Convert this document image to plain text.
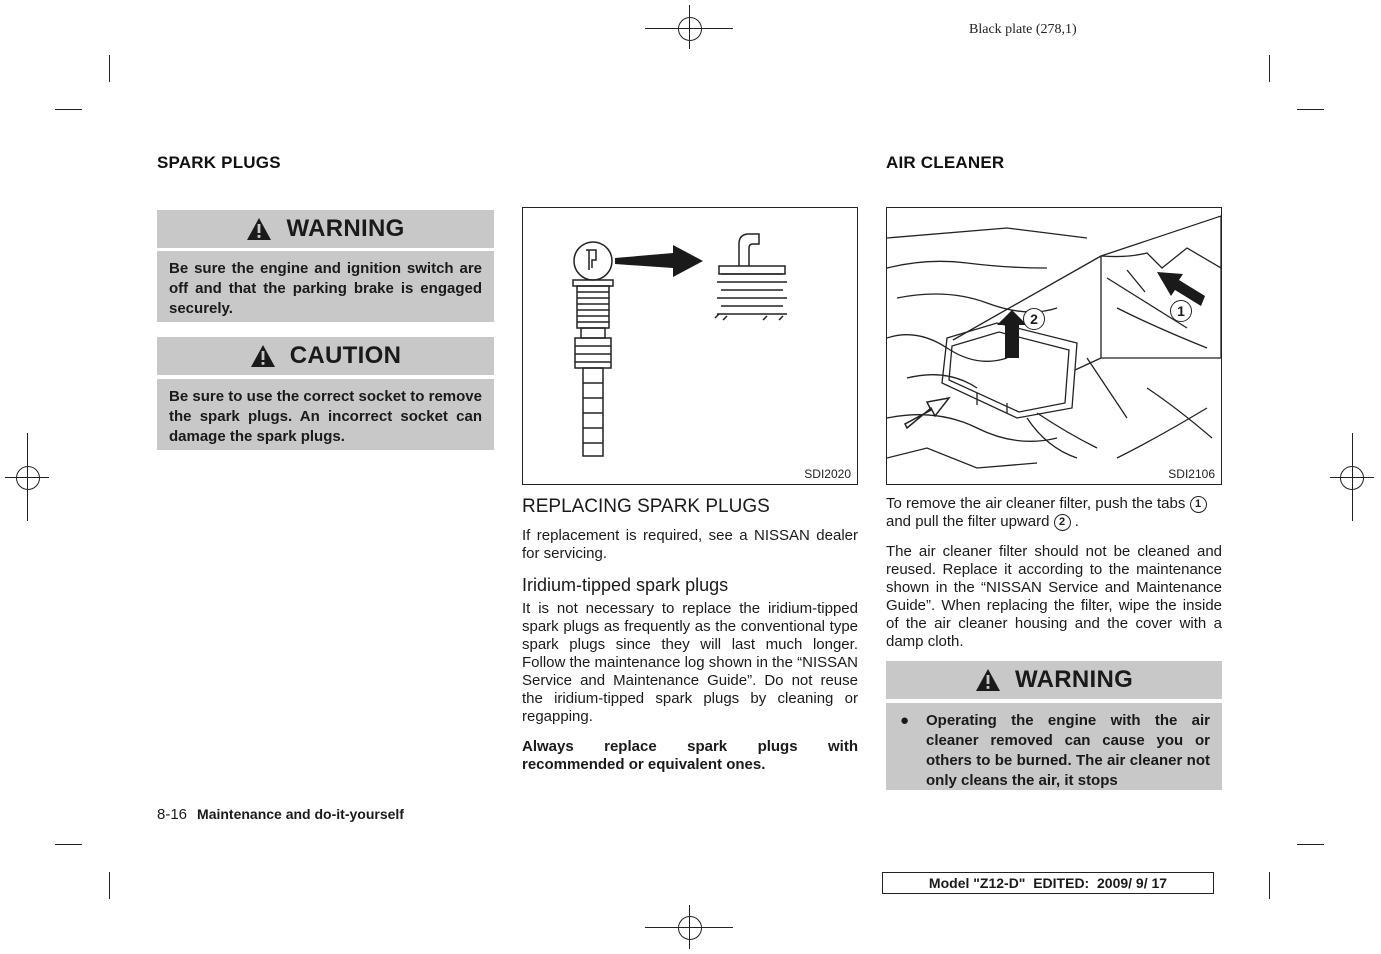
Black plate (278,1)
SPARK PLUGS
WARNING
Be sure the engine and ignition switch are off and that the parking brake is engaged securely.
CAUTION
Be sure to use the correct socket to remove the spark plugs. An incorrect socket can damage the spark plugs.
SDI2020
REPLACING SPARK PLUGS
If replacement is required, see a NISSAN dealer for servicing.
Iridium-tipped spark plugs
It is not necessary to replace the iridium-tipped spark plugs as frequently as the conventional type spark plugs since they will last much longer. Follow the maintenance log shown in the “NISSAN Service and Maintenance Guide”. Do not reuse the iridium-tipped spark plugs by cleaning or regapping.
Always replace spark plugs with recommended or equivalent ones.
AIR CLEANER
2	1
SDI2106
To remove the air cleaner filter, push the tabs 1
and pull the filter upward 2 .
The air cleaner filter should not be cleaned and reused. Replace it according to the maintenance shown in the “NISSAN Service and Maintenance Guide”. When replacing the filter, wipe the inside of the air cleaner housing and the cover with a damp cloth.
WARNING
● Operating the engine with the air cleaner removed can cause you or others to be burned. The air cleaner not only cleans the air, it stops
8-16 Maintenance and do-it-yourself
Model "Z12-D" EDITED: 2009/ 9/ 17
